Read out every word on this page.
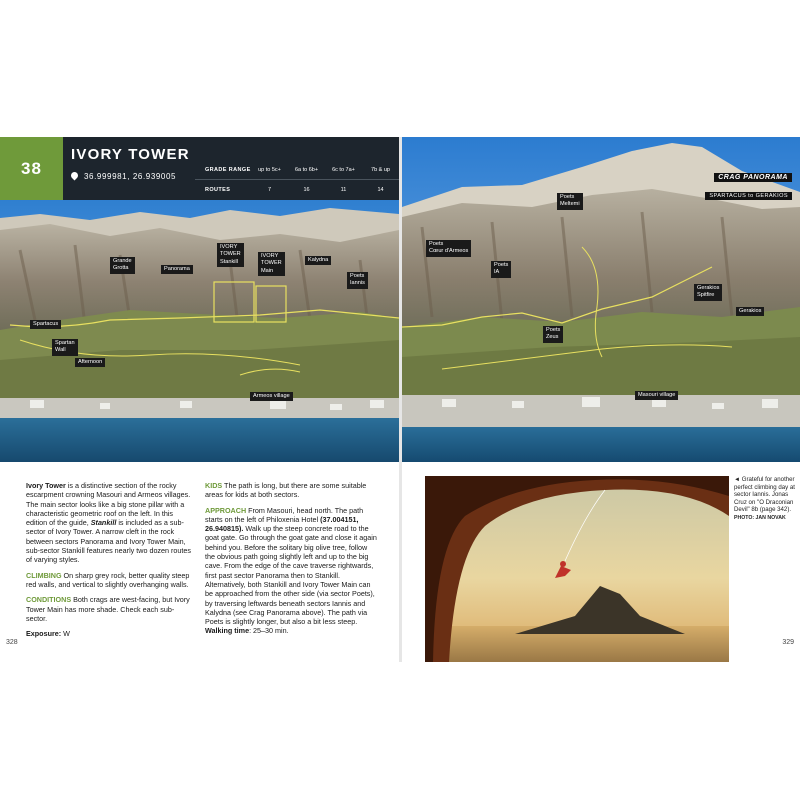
38
IVORY TOWER
36.999981, 26.939005
GRADE RANGE	up to 5c+	6a to 6b+	6c to 7a+	7b & up
ROUTES	7	16	11	14
Grande
Grotta	Panorama
IVORY
TOWER
Stankill
IVORY
TOWER
Main
Kalydna
Poets
Iannis
Spartacus
Spartan
Wall
Afternoon
Armeos village

Ivory Tower is a distinctive section of the rocky escarpment crowning Masouri and Armeos villages. The main sector looks like a big stone pillar with a characteristic geometric roof on the left. In this edition of the guide, Stankill is included as a sub-sector of Ivory Tower. A narrow cleft in the rock between sectors Panorama and Ivory Tower Main, sub-sector Stankill features nearly two dozen routes of varying styles.

CLIMBING On sharp grey rock, better quality steep red walls, and vertical to slightly overhanging walls.

CONDITIONS Both crags are west-facing, but Ivory Tower Main has more shade. Check each sub-sector.

Exposure: W

KIDS The path is long, but there are some suitable areas for kids at both sectors.

APPROACH From Masouri, head north. The path starts on the left of Philoxenia Hotel (37.004151, 26.940815). Walk up the steep concrete road to the goat gate. Go through the goat gate and close it again behind you. Before the solitary big olive tree, follow the obvious path going slightly left and up to the big cave. From the edge of the cave traverse rightwards, first past sector Panorama then to Stankill. Alternatively, both Stankill and Ivory Tower Main can be approached from the other side (via sector Poets), by traversing leftwards beneath sectors Iannis and Kalydna (see Crag Panorama above). The path via Poets is slightly longer, but also a bit less steep.
Walking time: 25–30 min.

328
CRAG PANORAMA
SPARTACUS to GERAKIOS
Poets
Meltemi
Poets
Cœur d'Armeos
Poets
IA
Gerakios
Spitfire
Gerakios
Poets
Zeus
Masouri village
◄ Grateful for another perfect climbing day at sector Iannis. Jonas Cruz on "O Draconian Devil" 8b (page 342). PHOTO: JAN NOVAK
329
